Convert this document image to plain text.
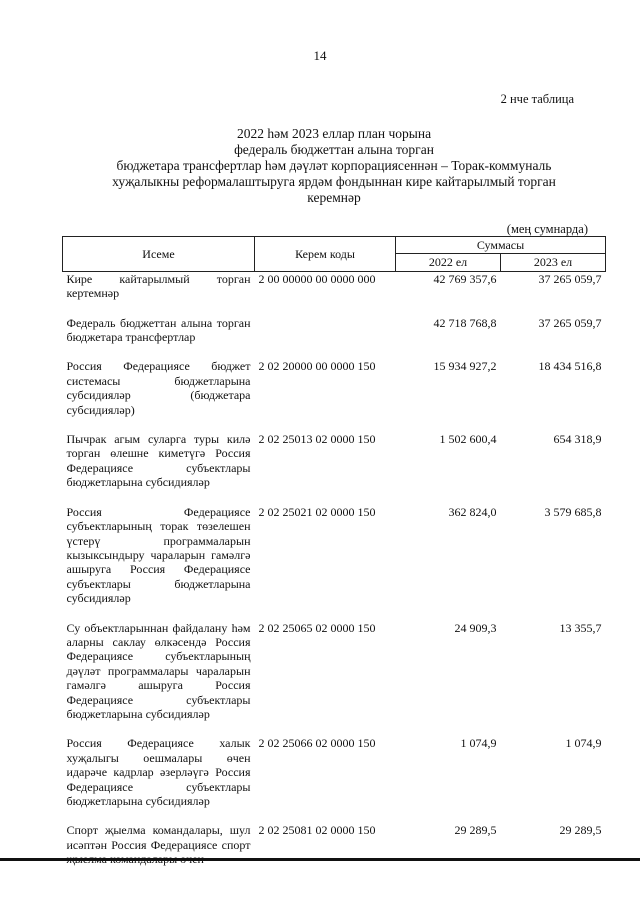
14
2 нче таблица
2022 һәм 2023 еллар план чорына
федераль бюджеттан алына торган
бюджетара трансфертлар һәм дәүләт корпорациясеннән – Торак-коммуналь
хуҗалыкны реформалаштыруга ярдәм фондыннан кире кайтарылмый торган
керемнәр
(мең сумнарда)
Исеме	Керем коды	Суммасы	
		2022 ел	2023 ел
Кире кайтарылмый торган кертемнәр	2 00 00000 00 0000 000	42 769 357,6	37 265 059,7
Федераль бюджеттан алына торган бюджетара трансфертлар		42 718 768,8	37 265 059,7
Россия Федерациясе бюджет системасы бюджетларына субсидияләр (бюджетара субсидияләр)	2 02 20000 00 0000 150	15 934 927,2	18 434 516,8
Пычрак агым суларга туры килә торган өлешне киметүгә Россия Федерациясе субъектлары бюджетларына субсидияләр	2 02 25013 02 0000 150	1 502 600,4	654 318,9
Россия Федерациясе субъектларының торак төзелешен үстерү программаларын кызыксындыру чараларын гамәлгә ашыруга Россия Федерациясе субъектлары бюджетларына субсидияләр	2 02 25021 02 0000 150	362 824,0	3 579 685,8
Су объектларыннан файдалану һәм аларны саклау өлкәсендә Россия Федерациясе субъектларының дәүләт программалары чараларын гамәлгә ашыруга Россия Федерациясе субъектлары бюджетларына субсидияләр	2 02 25065 02 0000 150	24 909,3	13 355,7
Россия Федерациясе халык хуҗалыгы оешмалары өчен идарәче кадрлар әзерләүгә Россия Федерациясе субъектлары бюджетларына субсидияләр	2 02 25066 02 0000 150	1 074,9	1 074,9
Спорт җыелма командалары, шул исәптән Россия Федерациясе спорт	2 02 25081 02 0000 150	29 289,5	29 289,5
